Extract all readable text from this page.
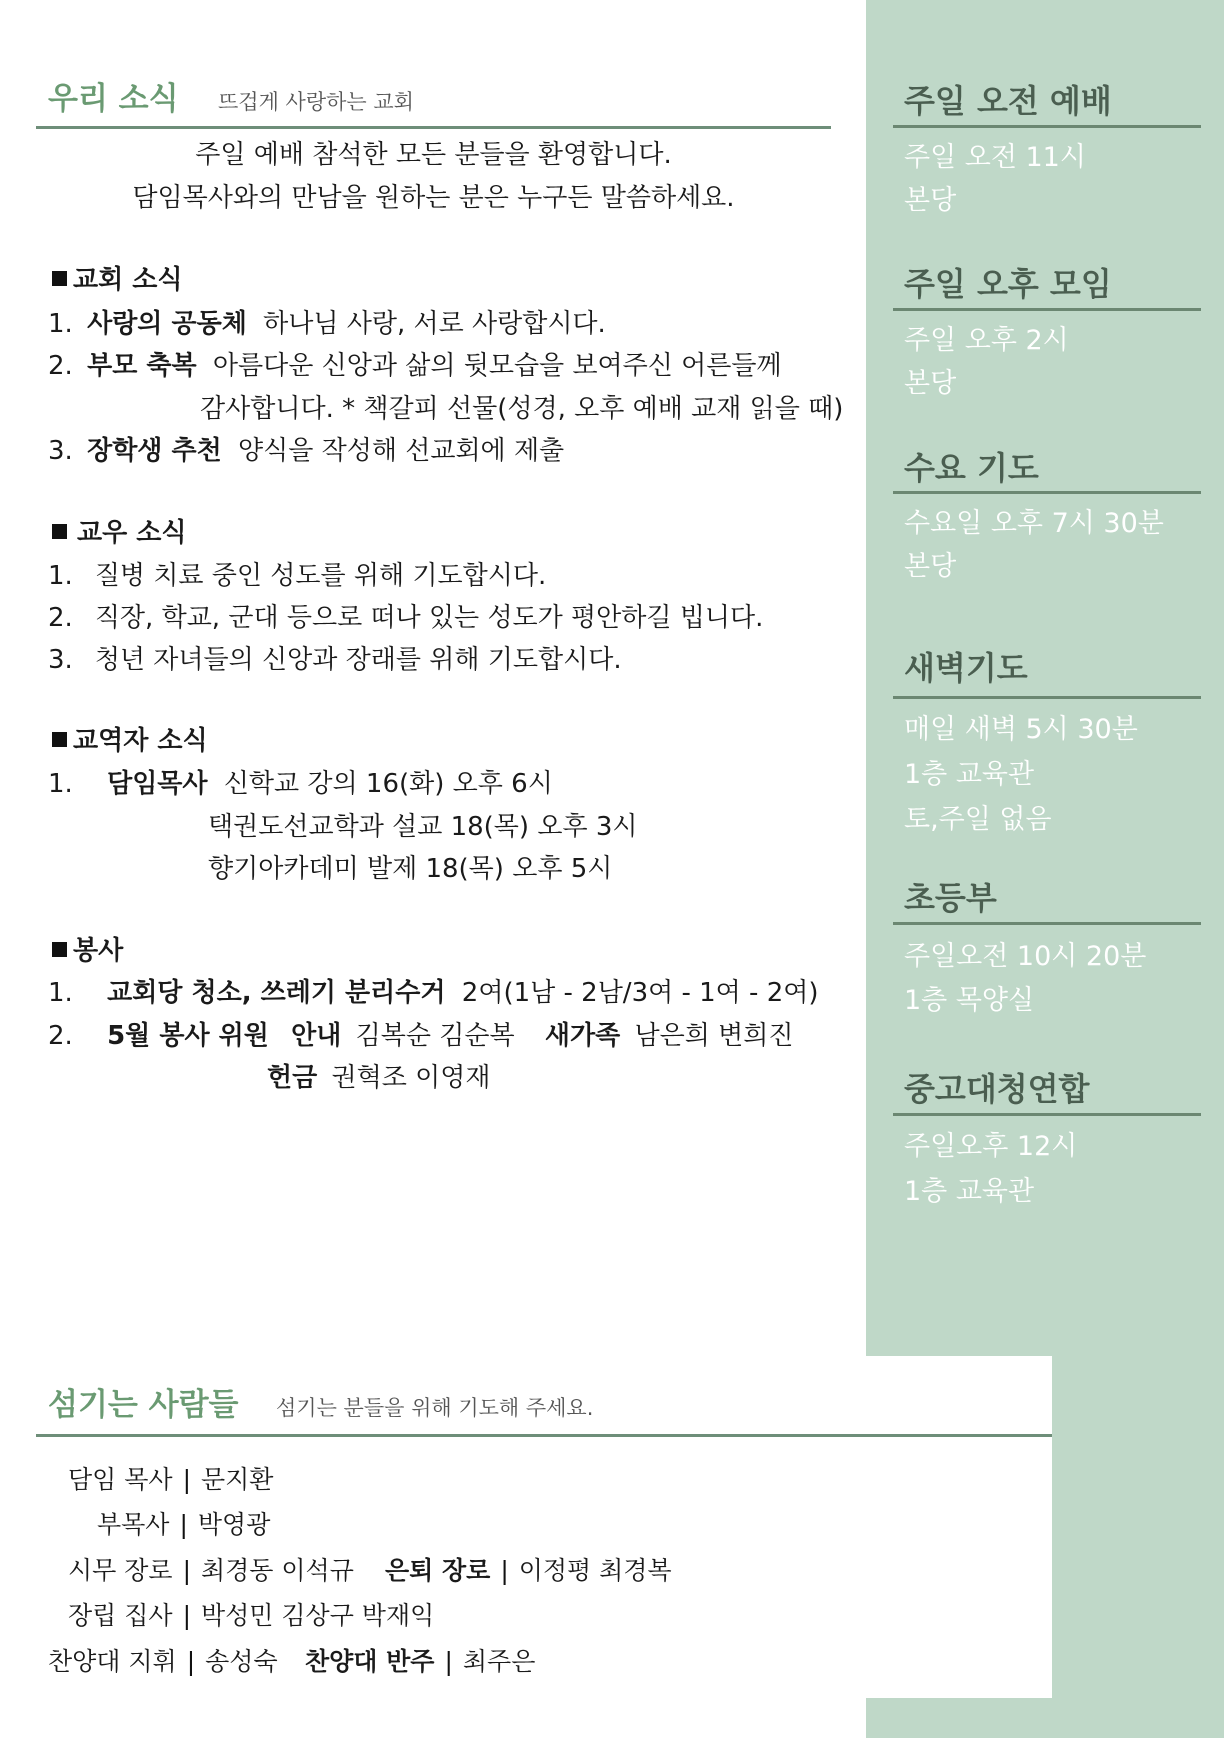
우리 소식 뜨겁게 사랑하는 교회
주일 예배 참석한 모든 분들을 환영합니다.
담임목사와의 만남을 원하는 분은 누구든 말씀하세요.
교회 소식
1. 사랑의 공동체 하나님 사랑, 서로 사랑합시다.
2. 부모 축복 아름다운 신앙과 삶의 뒷모습을 보여주신 어른들께
감사합니다. * 책갈피 선물(성경, 오후 예배 교재 읽을 때)
3. 장학생 추천 양식을 작성해 선교회에 제출
교우 소식
1. 질병 치료 중인 성도를 위해 기도합시다.
2. 직장, 학교, 군대 등으로 떠나 있는 성도가 평안하길 빕니다.
3. 청년 자녀들의 신앙과 장래를 위해 기도합시다.
교역자 소식
1. 담임목사 신학교 강의 16(화) 오후 6시
택권도선교학과 설교 18(목) 오후 3시
향기아카데미 발제 18(목) 오후 5시
봉사
1. 교회당 청소, 쓰레기 분리수거 2여(1남 - 2남/3여 - 1여 - 2여)
2. 5월 봉사 위원 안내 김복순 김순복 새가족 남은희 변희진
헌금 권혁조 이영재
주일 오전 예배
주일 오전 11시
본당
주일 오후 모임
주일 오후 2시
본당
수요 기도
수요일 오후 7시 30분
본당
새벽기도
매일 새벽 5시 30분
1층 교육관
토,주일 없음
초등부
주일오전 10시 20분
1층 목양실
중고대청연합
주일오후 12시
1층 교육관
섬기는 사람들 섬기는 분들을 위해 기도해 주세요.
담임 목사 | 문지환
부목사 | 박영광
시무 장로 | 최경동 이석규 은퇴 장로 | 이정평 최경복
장립 집사 | 박성민 김상구 박재익
찬양대 지휘 | 송성숙 찬양대 반주 | 최주은
